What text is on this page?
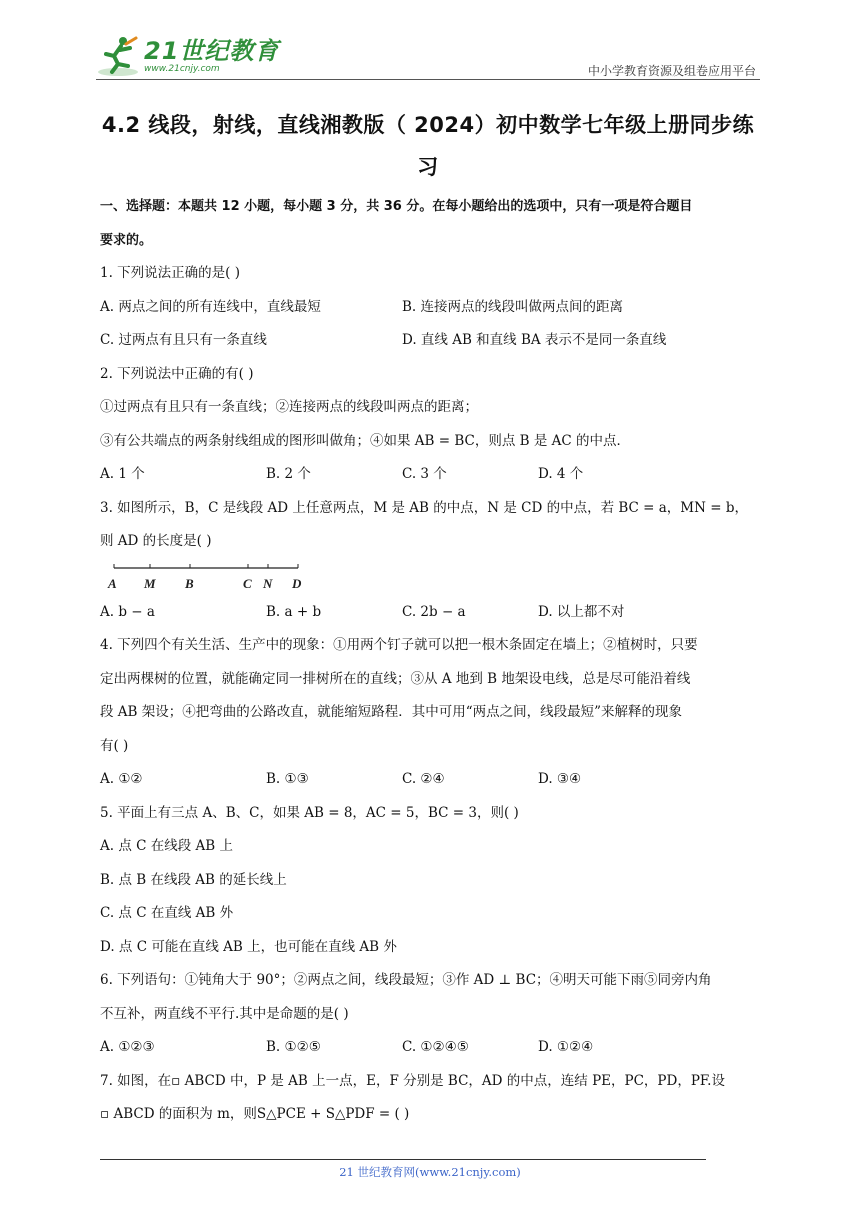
21世纪教育
www.21cnjy.com	中小学教育资源及组卷应用平台
4.2 线段，射线，直线湘教版（ 2024）初中数学七年级上册同步练
习
一、选择题：本题共 12 小题，每小题 3 分，共 36 分。在每小题给出的选项中，只有一项是符合题目
要求的。
1. 下列说法正确的是( )
A. 两点之间的所有连线中，直线最短	B. 连接两点的线段叫做两点间的距离
C. 过两点有且只有一条直线	D. 直线 AB 和直线 BA 表示不是同一条直线
2. 下列说法中正确的有( )
①过两点有且只有一条直线；②连接两点的线段叫两点的距离；
③有公共端点的两条射线组成的图形叫做角；④如果 AB = BC，则点 B 是 AC 的中点．
A. 1 个	B. 2 个	C. 3 个	D. 4 个
3. 如图所示，B，C 是线段 AD 上任意两点，M 是 AB 的中点，N 是 CD 的中点，若 BC = a，MN = b，
则 AD 的长度是( )
A M B	C N D
A. b − a	B. a + b	C. 2b − a	D. 以上都不对
4. 下列四个有关生活、生产中的现象：①用两个钉子就可以把一根木条固定在墙上；②植树时，只要
定出两棵树的位置，就能确定同一排树所在的直线；③从 A 地到 B 地架设电线，总是尽可能沿着线
段 AB 架设；④把弯曲的公路改直，就能缩短路程．其中可用“两点之间，线段最短”来解释的现象
有( )
A. ①②	B. ①③	C. ②④	D. ③④
5. 平面上有三点 A、B、C，如果 AB = 8，AC = 5，BC = 3，则( )
A. 点 C 在线段 AB 上
B. 点 B 在线段 AB 的延长线上
C. 点 C 在直线 AB 外
D. 点 C 可能在直线 AB 上，也可能在直线 AB 外
6. 下列语句：①钝角大于 90°；②两点之间，线段最短；③作 AD ⊥ BC；④明天可能下雨⑤同旁内角
不互补，两直线不平行.其中是命题的是( )
A. ①②③	B. ①②⑤	C. ①②④⑤	D. ①②④
7. 如图，在▫ ABCD 中，P 是 AB 上一点，E，F 分别是 BC，AD 的中点，连结 PE，PC，PD，PF.设
▫ ABCD 的面积为 m，则S△PCE + S△PDF = ( )
21 世纪教育网(www.21cnjy.com)
